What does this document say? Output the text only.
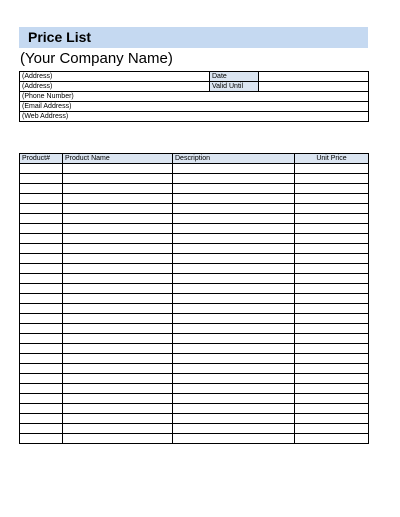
Price List
(Your Company Name)
(Address)	Date	
(Address)	Valid Until	
(Phone Number)		
(Email Address)		
(Web Address)		
Product#	Product Name	Description	Unit Price
